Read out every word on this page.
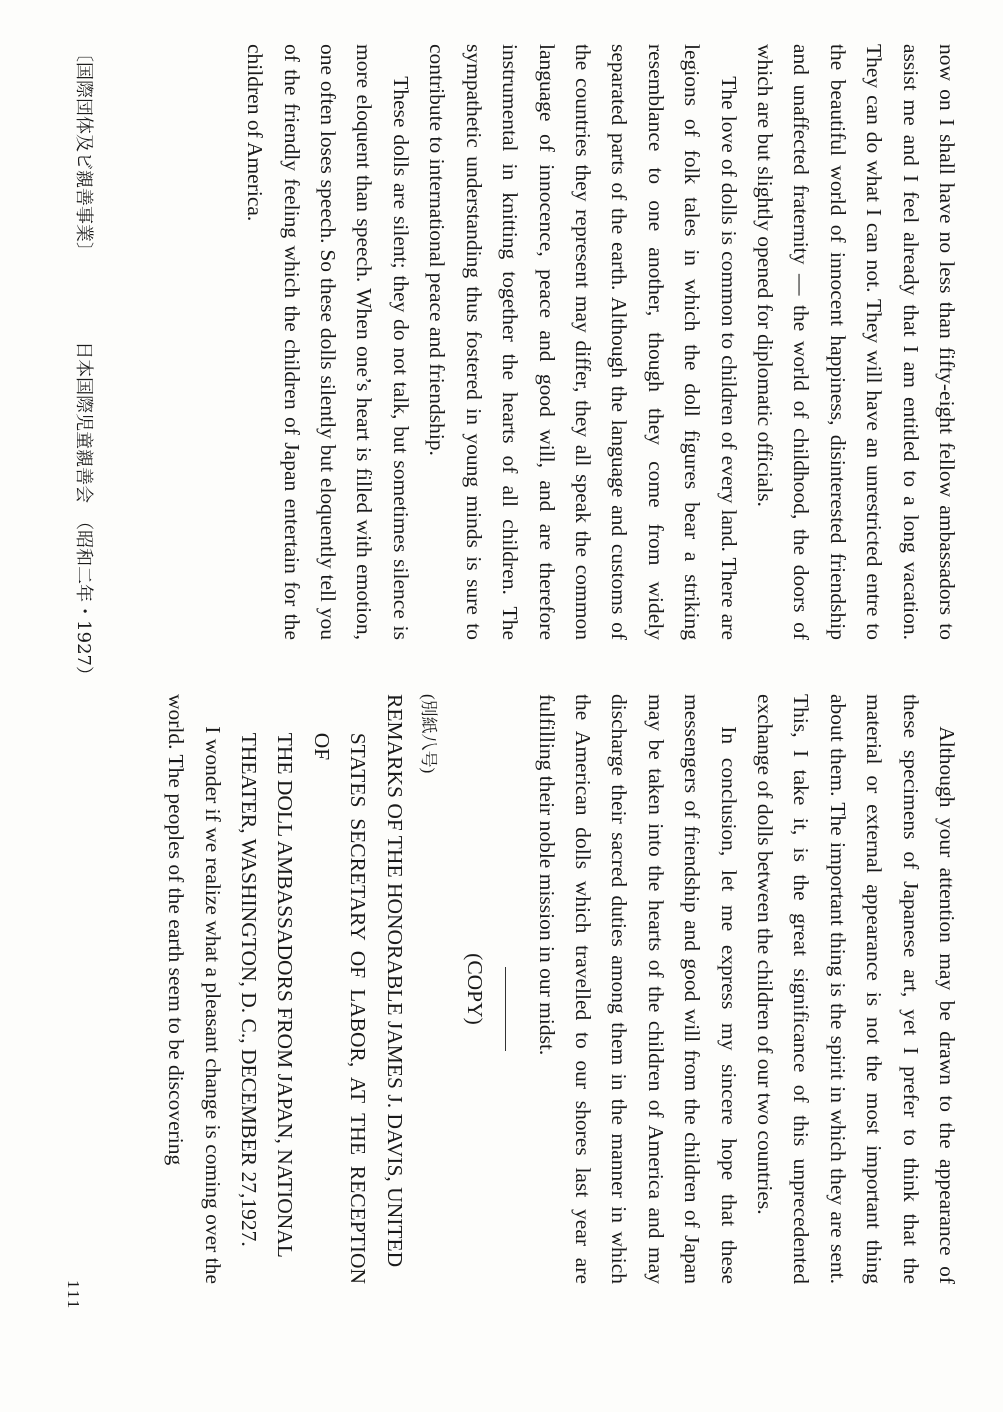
now on I shall have no less than fifty-eight fellow ambassadors to assist me and I feel already that I am entitled to a long vacation. They can do what I can not. They will have an unrestricted entre to the beautiful world of innocent happiness, disinterested friendship and unaffected fraternity — the world of childhood, the doors of which are but slightly opened for diplomatic officials.

The love of dolls is common to children of every land. There are legions of folk tales in which the doll figures bear a striking resemblance to one another, though they come from widely separated parts of the earth. Although the language and customs of the countries they represent may differ, they all speak the common language of innocence, peace and good will, and are therefore instrumental in knitting together the hearts of all children. The sympathetic understanding thus fostered in young minds is sure to contribute to international peace and friendship.

These dolls are silent; they do not talk, but sometimes silence is more eloquent than speech. When one’s heart is filled with emotion, one often loses speech. So these dolls silently but eloquently tell you of the friendly feeling which the children of Japan entertain for the children of America.

Although your attention may be drawn to the appearance of these specimens of Japanese art, yet I prefer to think that the material or external appearance is not the most important thing about them. The important thing is the spirit in which they are sent. This, I take it, is the great significance of this unprecedented exchange of dolls between the children of our two countries.

In conclusion, let me express my sincere hope that these messengers of friendship and good will from the children of Japan may be taken into the hearts of the children of America and may discharge their sacred duties among them in the manner in which the American dolls which travelled to our shores last year are fulfilling their noble mission in our midst.

(COPY)
(別紙八号)

REMARKS OF THE HONORABLE JAMES J. DAVIS, UNITED

STATES SECRETARY OF LABOR, AT THE RECEPTION OF

THE DOLL AMBASSADORS FROM JAPAN, NATIONAL

THEATER, WASHINGTON, D. C., DECEMBER 27,1927.

I wonder if we realize what a pleasant change is coming over the world. The peoples of the earth seem to be discovering

〔国際団体及ビ親善事業〕
日本国際児童親善会　（昭和二年・1927）
111
